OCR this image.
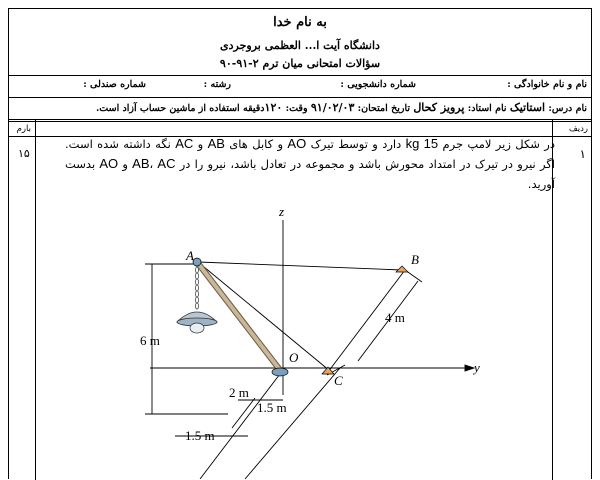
به نام خدا
دانشگاه آیت ا... العظمی بروجردی
سؤالات امتحانی میان ترم ۲-۹۱-۹۰
نام و نام خانوادگی :
شماره دانشجویی :
رشته :
شماره صندلی :
نام درس: استاتیک نام استاد: پرویز کحال تاریخ امتحان: ۹۱/۰۲/۰۳ وقت: ۱۲۰دقیقه استفاده از ماشین حساب آزاد است.
ردیف
بارم
۱
۱۵
در شکل زیر لامپ جرم 15 kg دارد و توسط تیرک AO و کابل های AB و AC نگه داشته شده است. اگر نیرو در تیرک در امتداد محورش باشد و مجموعه در تعادل باشد، نیرو را در AB، AC و AO بدست آورید.
z
y
A	B
C
O
6 m
4 m
2 m
1.5 m
1.5 m
